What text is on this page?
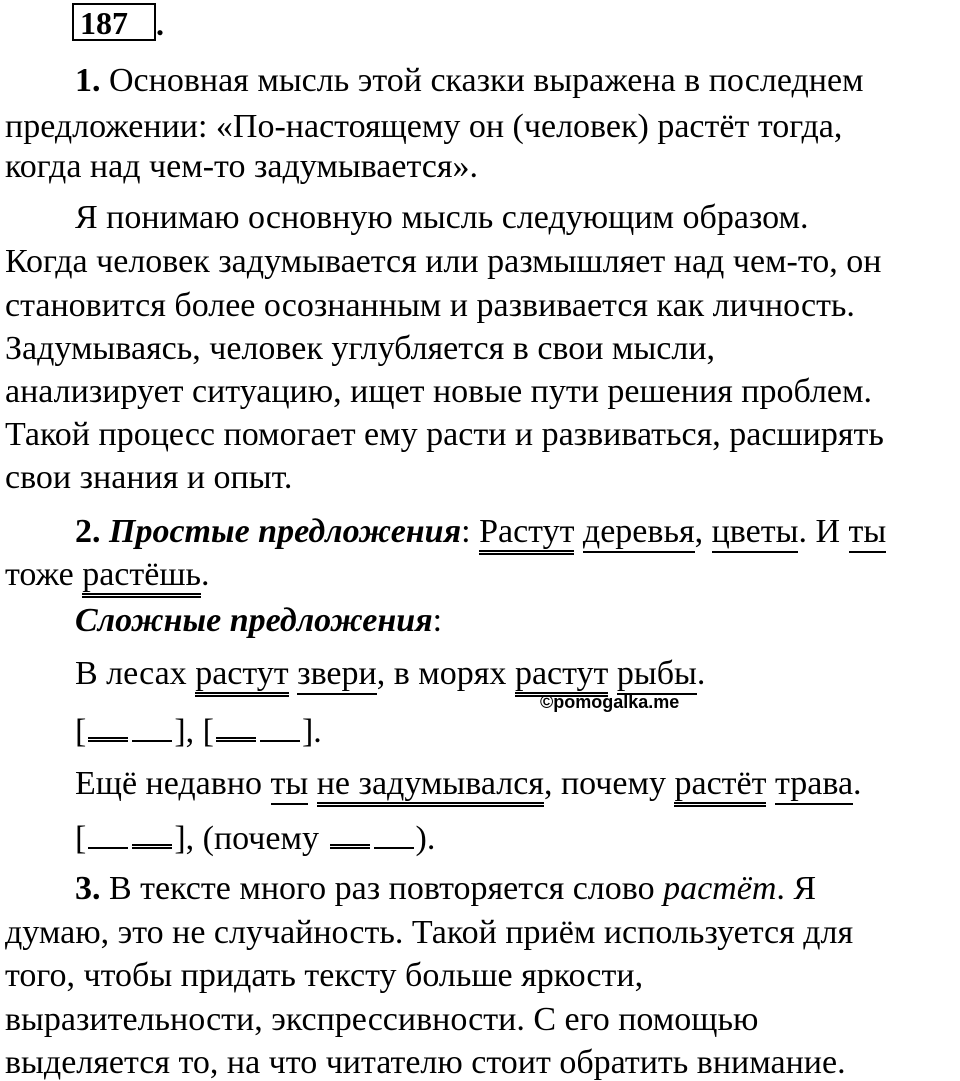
187 .
1. Основная мысль этой сказки выражена в последнем
предложении: «По-настоящему он (человек) растёт тогда,
когда над чем-то задумывается».
Я понимаю основную мысль следующим образом.
Когда человек задумывается или размышляет над чем-то, он
становится более осознанным и развивается как личность.
Задумываясь, человек углубляется в свои мысли,
анализирует ситуацию, ищет новые пути решения проблем.
Такой процесс помогает ему расти и развиваться, расширять
свои знания и опыт.
2. Простые предложения: Растут деревья, цветы. И ты
тоже растёшь.
Сложные предложения:
В лесах растут звери, в морях растут рыбы.
©pomogalka.me
[	], [	].
Ещё недавно ты не задумывался, почему растёт трава.
[	], (почему	).
3. В тексте много раз повторяется слово растёт. Я
думаю, это не случайность. Такой приём используется для
того, чтобы придать тексту больше яркости,
выразительности, экспрессивности. С его помощью
выделяется то, на что читателю стоит обратить внимание.
